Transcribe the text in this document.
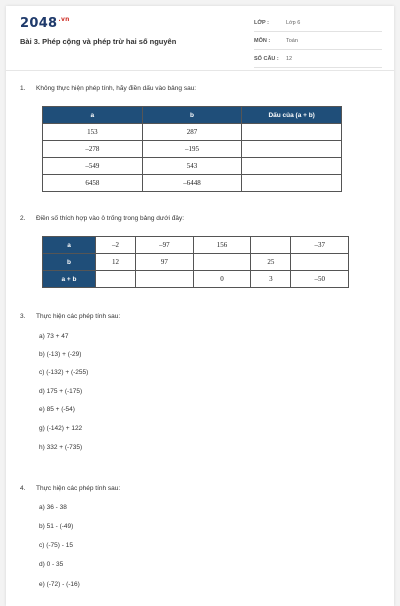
$2048^{.vn}$
Bài 3. Phép cộng và phép trừ hai số nguyên
LỚP :	Lớp 6
MÔN :	Toán
SỐ CÂU : 12
1. Không thực hiện phép tính, hãy điền dấu vào bảng sau:
a	b	Dấu của (a + b)
153	287	
–278	–195	
–549	543	
6458	–6448	
2. Điền số thích hợp vào ô trống trong bảng dưới đây:
a	–2	–97	156		–37
b	12	97		25	
a + b			0	3	–50
3. Thực hiện các phép tính sau:
a) 73 + 47
b) (-13) + (-29)
c) (-132) + (-255)
d) 175 + (-175)
e) 85 + (-54)
g) (-142) + 122
h) 332 + (-735)
4. Thực hiện các phép tính sau:
a) 36 - 38
b) 51 - (-49)
c) (-75) - 15
d) 0 - 35
e) (-72) - (-16)
